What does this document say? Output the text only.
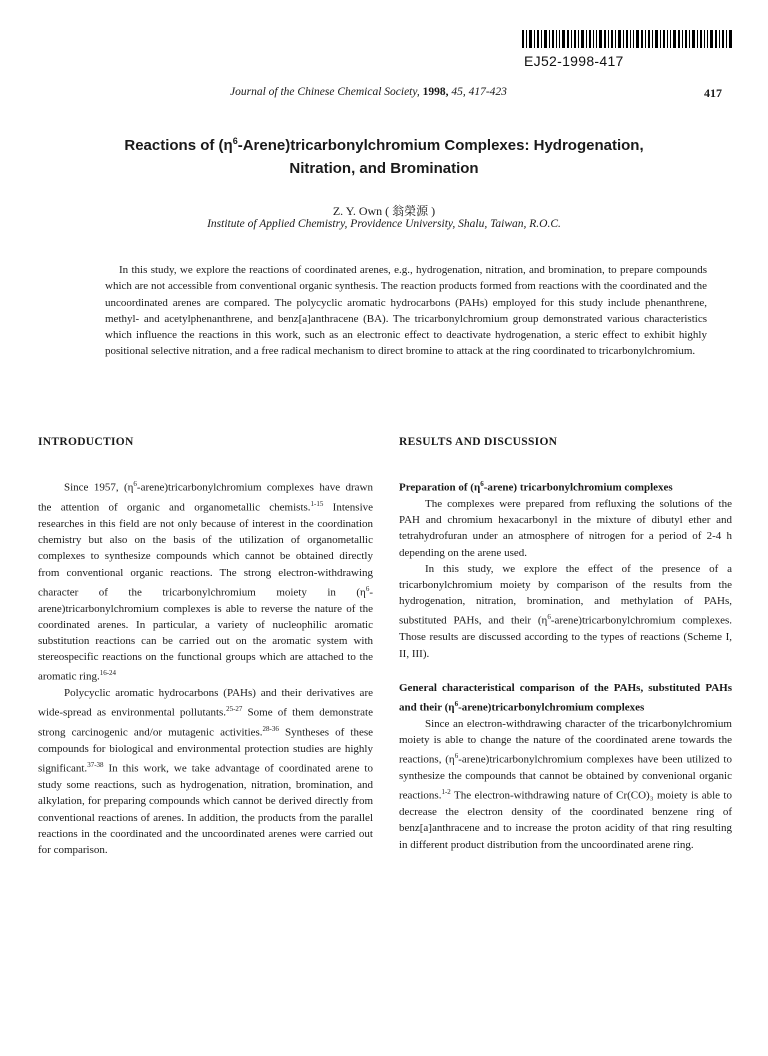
EJ52-1998-417
Journal of the Chinese Chemical Society, 1998, 45, 417-423	417
Reactions of $(\eta^6-Arene)tricarbonylchromium$ Complexes: Hydrogenation,
Nitration, and Bromination
Z. Y. Own ( 翁榮源 )
Institute of Applied Chemistry, Providence University, Shalu, Taiwan, R.O.C.

In this study, we explore the reactions of coordinated arenes, e.g., hydrogenation, nitration, and bromination, to prepare compounds which are not accessible from conventional organic synthesis. The reaction products formed from reactions with the coordinated and the uncoordinated arenes are compared. The polycyclic aromatic hydrocarbons (PAHs) employed for this study include phenanthrene, methyl- and acetylphenanthrene, and benz[a]anthracene (BA). The tricarbonylchromium group demonstrated various characteristics which influence the reactions in this work, such as an electronic effect to deactivate hydrogenation, a steric effect to exhibit highly positional selective nitration, and a free radical mechanism to direct bromine to attack at the ring coordinated to tricarbonylchromium.

INTRODUCTION

Since 1957, (η$^6$-arene)tricarbonylchromium complexes have drawn the attention of organic and organometallic chemists.$^{1-15}$ Intensive researches in this field are not only because of interest in the coordination chemistry but also on the basis of the utilization of organometallic complexes to synthesize compounds which cannot be obtained directly from conventional organic reactions. The strong electron-withdrawing character of the tricarbonylchromium moiety in (η$^6$-arene)tricarbonylchromium complexes is able to reverse the nature of the coordinated arenes. In particular, a variety of nucleophilic aromatic substitution reactions can be carried out on the aromatic system with stereospecific reactions on the functional groups which are attached to the aromatic ring.$^{16-24}$

Polycyclic aromatic hydrocarbons (PAHs) and their derivatives are wide-spread as environmental pollutants.$^{25-27}$ Some of them demonstrate strong carcinogenic and/or mutagenic activities.$^{28-36}$ Syntheses of these compounds for biological and environmental protection studies are highly significant.$^{37-38}$ In this work, we take advantage of coordinated arene to study some reactions, such as hydrogenation, nitration, bromination, and alkylation, for preparing compounds which cannot be derived directly from conventional reactions of arenes. In addition, the products from the parallel reactions in the coordinated and the uncoordinated arenes were carried out for comparison.

RESULTS AND DISCUSSION
Preparation of $(\eta^6-arene)$ tricarbonylchromium complexes

The complexes were prepared from refluxing the solutions of the PAH and chromium hexacarbonyl in the mixture of dibutyl ether and tetrahydrofuran under an atmosphere of nitrogen for a period of 2-4 h depending on the arene used.

In this study, we explore the effect of the presence of a tricarbonylchromium moiety by comparison of the results from the hydrogenation, nitration, bromination, and methylation of PAHs, substituted PAHs, and their (η$^6$-arene)tricarbonylchromium complexes. Those results are discussed according to the types of reactions (Scheme I, II, III).

General characteristical comparison of the PAHs, substituted PAHs and their $(\eta^6-arene)tricarbonylchromium$ complexes

Since an electron-withdrawing character of the tricarbonylchromium moiety is able to change the nature of the coordinated arene towards the reactions, (η$^6$-arene)tricarbonylchromium complexes have been utilized to synthesize the compounds that cannot be obtained by convenional organic reactions.$^{1-2}$ The electron-withdrawing nature of Cr(CO)₃ moiety is able to decrease the electron density of the coordinated benzene ring of benz[a]anthracene and to increase the proton acidity of that ring resulting in different product distribution from the uncoordinated arene ring.
